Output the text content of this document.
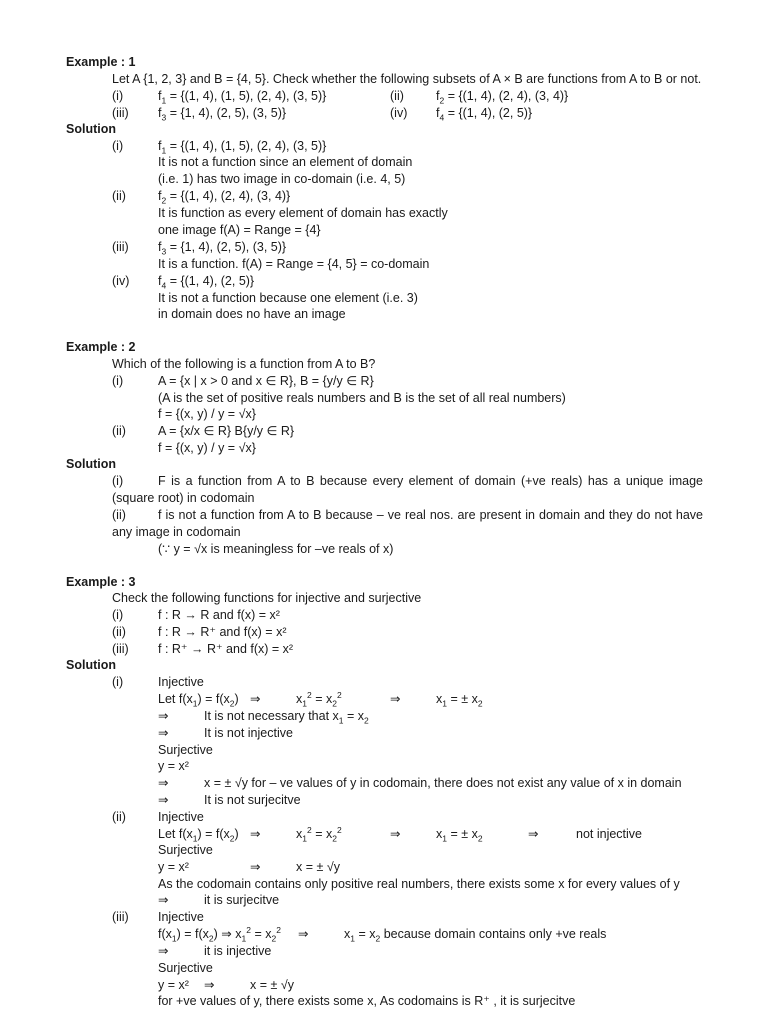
Example : 1
Let A {1, 2, 3} and B = {4, 5}. Check whether the following subsets of A × B are functions from A to B or not.
(i)	$f_1 = \{(1$, 4), (1, 5), (2, 4), (3, 5)}	(ii)	$f_2 = \{(1$, 4), (2, 4), (3, 4)}
(iii) $f_3 = \{1$, 4), (2, 5), (3, 5)}	(iv) $f_4 = \{(1$, 4), (2, 5)}
Solution
(i)	$f_1 = \{(1$, 4), (1, 5), (2, 4), (3, 5)}
It is not a function since an element of domain
(i.e. 1) has two image in co-domain (i.e. 4, 5)
(ii)	$f_2 = \{(1$, 4), (2, 4), (3, 4)}
It is function as every element of domain has exactly
one image f(A) = Range = {4}
(iii) $f_3 = \{1$, 4), (2, 5), (3, 5)}
It is a function. f(A) = Range = {4, 5} = co-domain
(iv) $f_4 = \{(1$, 4), (2, 5)}
It is not a function because one element (i.e. 3)
in domain does no have an image
Example : 2
Which of the following is a function from A to B?
(i)	A = {x | x > 0 and x ∈ R}, B = {y/y ∈ R}
(A is the set of positive reals numbers and B is the set of all real numbers)
f = {(x, y) / y = √x}
(ii)	A = {x/x ∈ R} B{y/y ∈ R}
f = {(x, y) / y = √x}
Solution
(i)	F is a function from A to B because every element of domain (+ve reals) has a unique image
(square root) in codomain
(ii)	f is not a function from A to B because – ve real nos. are present in domain and they do not have
any image in codomain
(∵ y = √x is meaningless for –ve reals of x)
Example : 3
Check the following functions for injective and surjective
(i)	f : R → R and f(x) = x²
(ii)	f : R → R⁺ and f(x) = x²
(iii) f : R⁺ → R⁺ and f(x) = x²
Solution
(i)	Injective
Let $f(x_1) = f(x_2)$ ⇒	$x_1^2 = x_2^2$	⇒	$x_1$ = ± $x_2$
⇒	It is not necessary that $x_1 = x_2$
⇒	It is not injective
Surjective
y = x²
⇒	x = ± √y for – ve values of y in codomain, there does not exist any value of x in domain
⇒	It is not surjecitve
(ii)	Injective
Let $f(x_1) = f(x_2)$ ⇒	$x_1^2 = x_2^2$	⇒	$x_1$ = ± $x_2$	⇒	not injective
Surjective
y = x²	⇒	x = ± √y
As the codomain contains only positive real numbers, there exists some x for every values of y
⇒	it is surjecitve
(iii) Injective
$f(x_1) = f(x_2)$ ⇒ $x_1^2 = x_2^2$ ⇒	$x_1 = x_2$ because domain contains only +ve reals
⇒	it is injective
Surjective
y = x² ⇒	x = ± √y
for +ve values of y, there exists some x, As codomains is R⁺ , it is surjecitve
